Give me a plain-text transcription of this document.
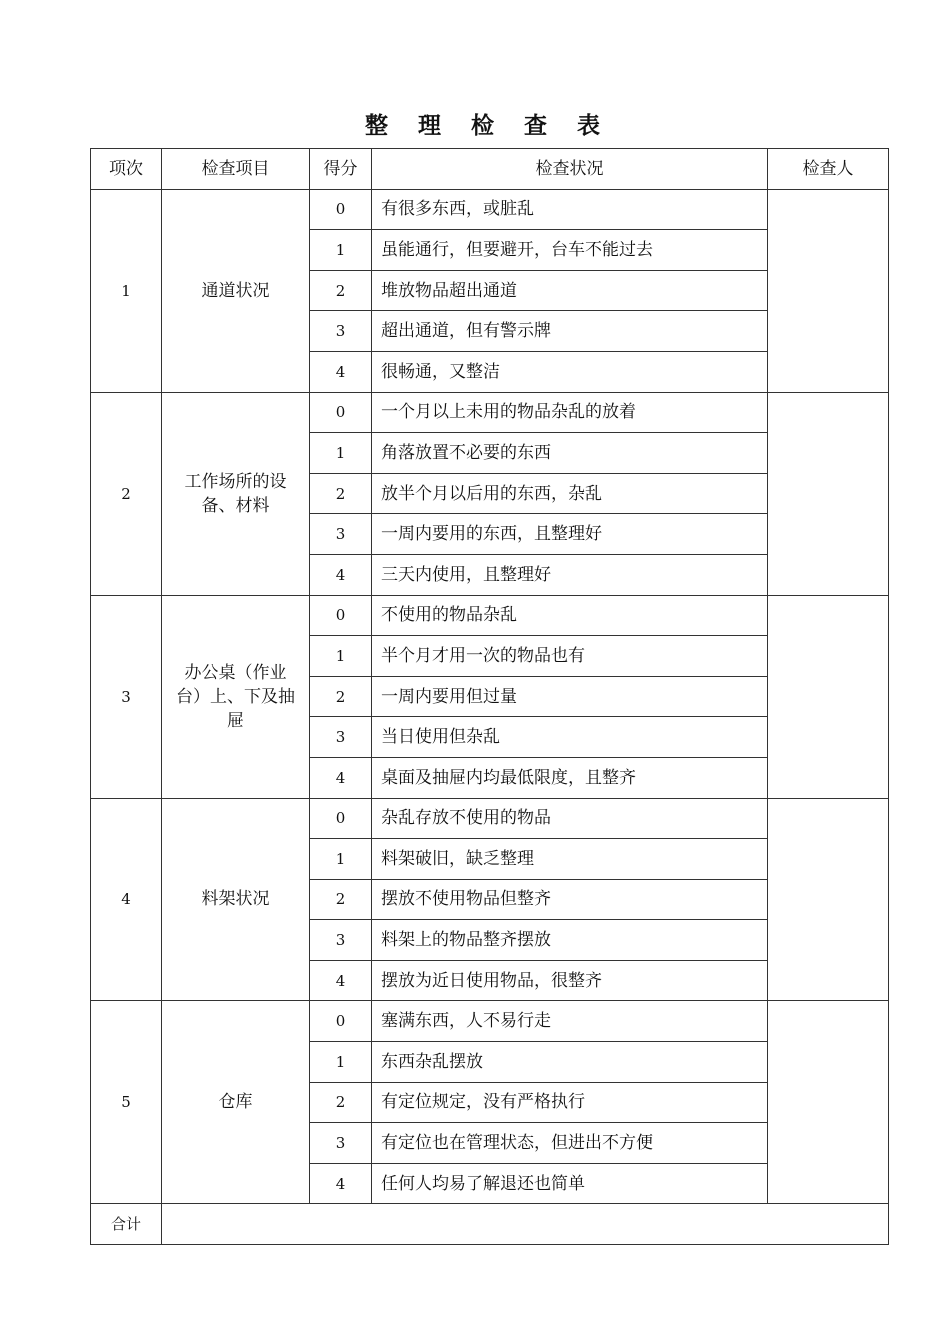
整 理 检 查 表
项次	检查项目	得分	检查状况	检查人
1	通道状况	0	有很多东西，或脏乱	
		1	虽能通行，但要避开，台车不能过去	
		2	堆放物品超出通道	
		3	超出通道，但有警示牌	
		4	很畅通，又整洁	
2	工作场所的设备、材料	0	一个月以上未用的物品杂乱的放着	
		1	角落放置不必要的东西	
		2	放半个月以后用的东西，杂乱	
		3	一周内要用的东西，且整理好	
		4	三天内使用，且整理好	
3	办公桌（作业台）上、下及抽屉	0	不使用的物品杂乱	
		1	半个月才用一次的物品也有	
		2	一周内要用但过量	
		3	当日使用但杂乱	
		4	桌面及抽屉内均最低限度，且整齐	
4	料架状况	0	杂乱存放不使用的物品	
		1	料架破旧，缺乏整理	
		2	摆放不使用物品但整齐	
		3	料架上的物品整齐摆放	
		4	摆放为近日使用物品，很整齐	
5	仓库	0	塞满东西，人不易行走	
		1	东西杂乱摆放	
		2	有定位规定，没有严格执行	
		3	有定位也在管理状态，但进出不方便	
		4	任何人均易了解退还也简单	
合计				
